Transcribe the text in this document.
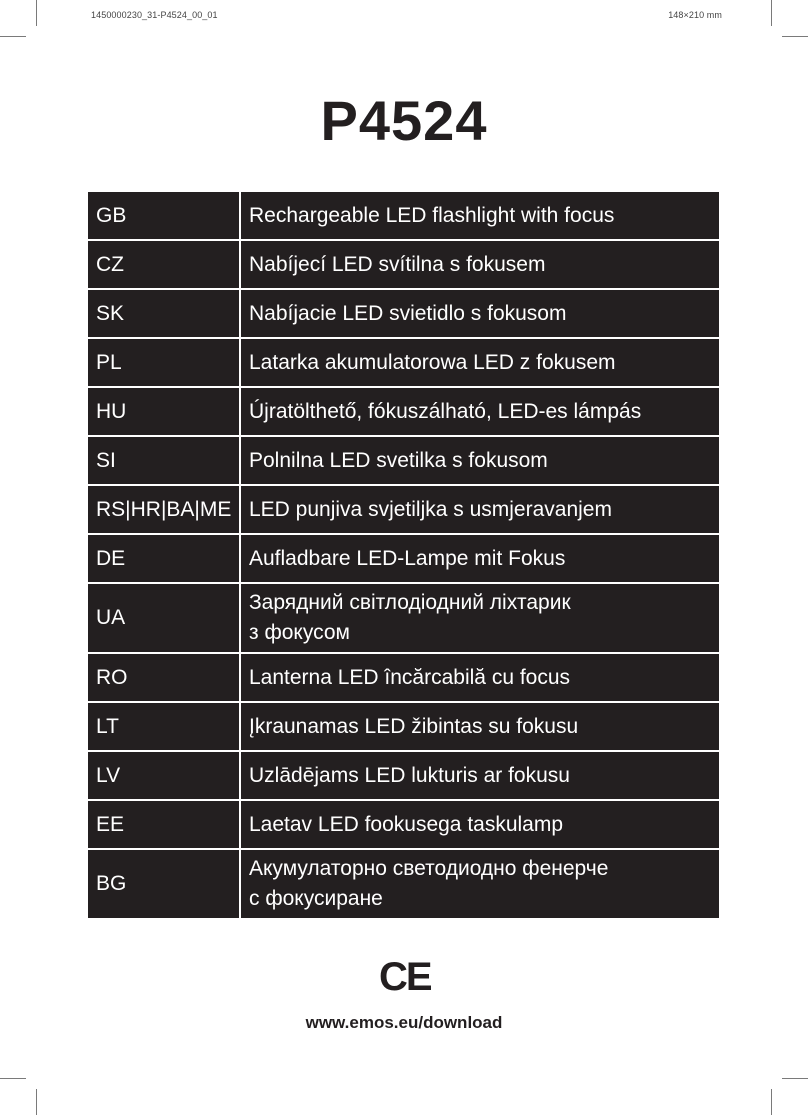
1450000230_31-P4524_00_01	148×210 mm
P4524
GB	Rechargeable LED flashlight with focus

CZ	Nabíjecí LED svítilna s fokusem

SK	Nabíjacie LED svietidlo s fokusom

PL	Latarka akumulatorowa LED z fokusem

HU	Újratölthető, fókuszálható, LED-es lámpás

SI	Polnilna LED svetilka s fokusom

RS|HR|BA|ME	LED punjiva svjetiljka s usmjeravanjem

DE	Aufladbare LED-Lampe mit Fokus

UA	Зарядний світлодіодний ліхтарик
з фокусом

RO	Lanterna LED încărcabilă cu focus

LT	Įkraunamas LED žibintas su fokusu

LV	Uzlādējams LED lukturis ar fokusu

EE	Laetav LED fookusega taskulamp

BG	Акумулаторно светодиодно фенерче
с фокусиране
CE
www.emos.eu/download
